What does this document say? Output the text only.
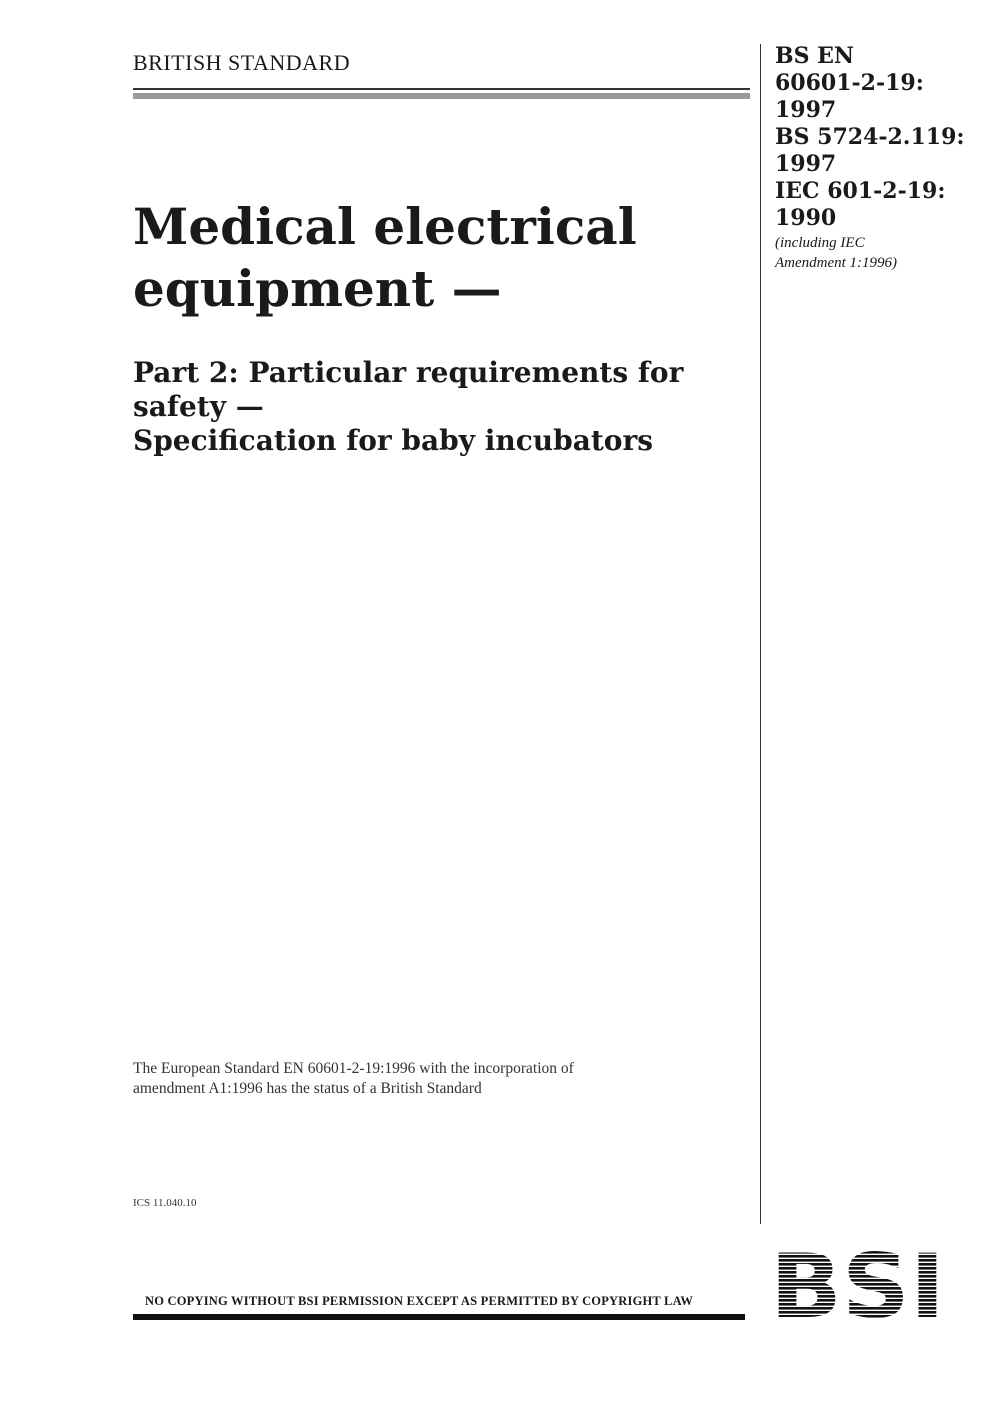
BRITISH STANDARD
Medical electrical
equipment —
Part 2: Particular requirements for
safety —
Specification for baby incubators
BS EN
60601-2-19:
1997
BS 5724-2.119:
1997
IEC 601-2-19:
1990
(including IEC
Amendment 1:1996)
The European Standard EN 60601-2-19:1996 with the incorporation of
amendment A1:1996 has the status of a British Standard
ICS 11.040.10
NO COPYING WITHOUT BSI PERMISSION EXCEPT AS PERMITTED BY COPYRIGHT LAW
